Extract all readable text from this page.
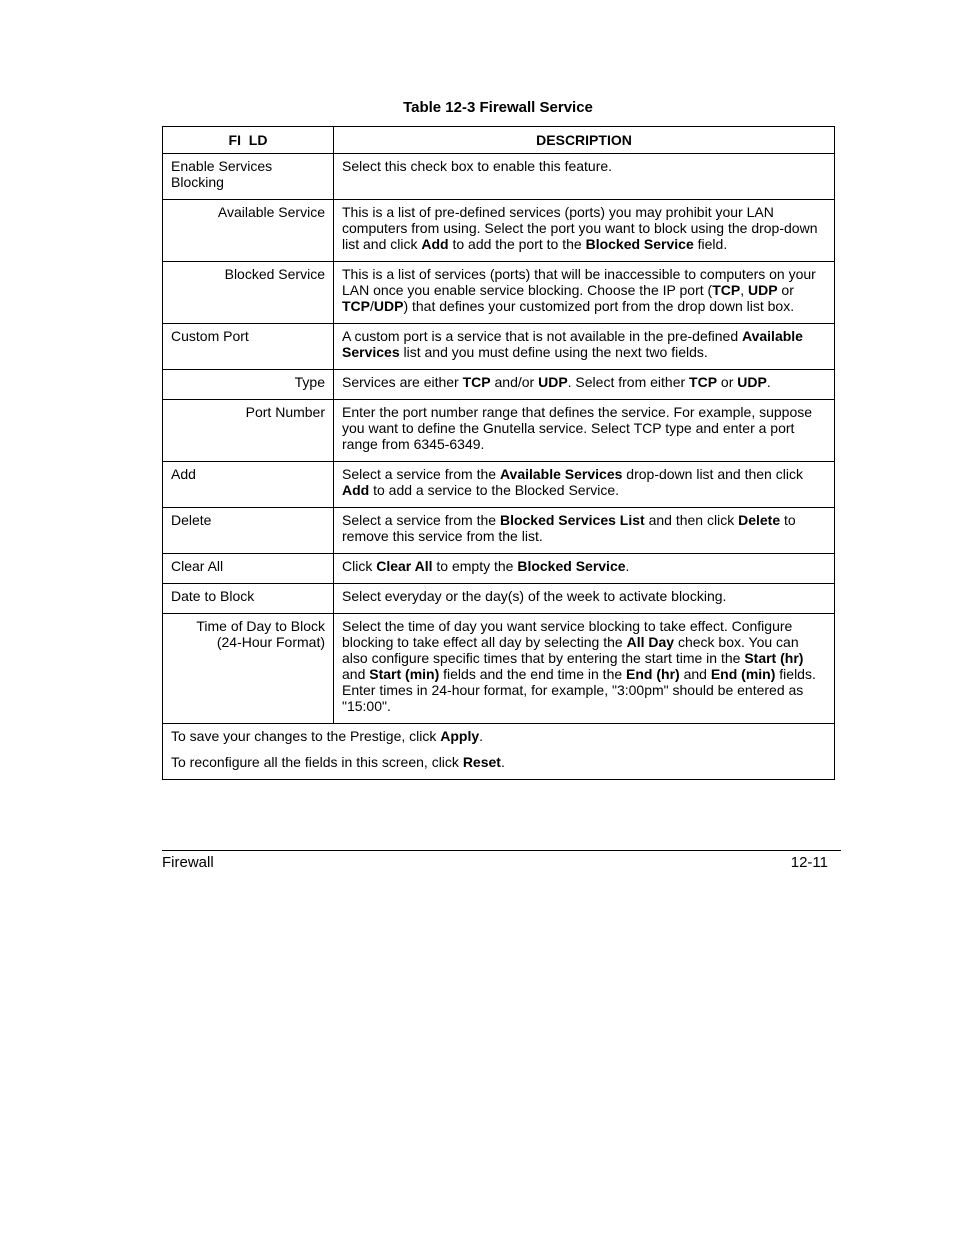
Table 12-3 Firewall Service
FI  LD	DESCRIPTION
Enable Services Blocking	Select this check box to enable this feature.
Available Service	This is a list of pre-defined services (ports) you may prohibit your LAN computers from using. Select the port you want to block using the drop-down list and click Add to add the port to the Blocked Service field.
Blocked Service	This is a list of services (ports) that will be inaccessible to computers on your LAN once you enable service blocking. Choose the IP port (TCP, UDP or TCP/UDP) that defines your customized port from the drop down list box.
Custom Port	A custom port is a service that is not available in the pre-defined Available Services list and you must define using the next two fields.
Type	Services are either TCP and/or UDP. Select from either TCP or UDP.
Port Number	Enter the port number range that defines the service. For example, suppose you want to define the Gnutella service. Select TCP type and enter a port range from 6345-6349.
Add	Select a service from the Available Services drop-down list and then click Add to add a service to the Blocked Service.
Delete	Select a service from the Blocked Services List and then click Delete to remove this service from the list.
Clear All	Click Clear All to empty the Blocked Service.
Date to Block	Select everyday or the day(s) of the week to activate blocking.
Time of Day to Block
(24-Hour Format)	Select the time of day you want service blocking to take effect. Configure blocking to take effect all day by selecting the All Day check box. You can also configure specific times that by entering the start time in the Start (hr) and Start (min) fields and the end time in the End (hr) and End (min) fields. Enter times in 24-hour format, for example, "3:00pm" should be entered as "15:00".

To save your changes to the Prestige, click Apply.

To reconfigure all the fields in this screen, click Reset.	

Firewall	12-11
